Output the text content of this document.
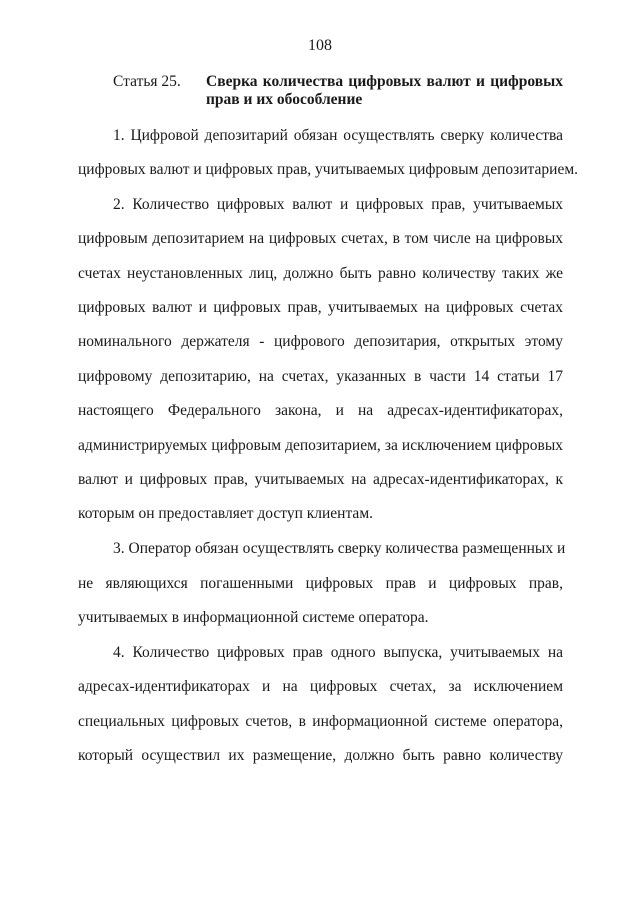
108
Статья 25. Сверка количества цифровых валют и цифровых прав и их обособление
1. Цифровой депозитарий обязан осуществлять сверку количества
цифровых валют и цифровых прав, учитываемых цифровым депозитарием.
2. Количество цифровых валют и цифровых прав, учитываемых
цифровым депозитарием на цифровых счетах, в том числе на цифровых
счетах неустановленных лиц, должно быть равно количеству таких же
цифровых валют и цифровых прав, учитываемых на цифровых счетах
номинального держателя - цифрового депозитария, открытых этому
цифровому депозитарию, на счетах, указанных в части 14 статьи 17
настоящего Федерального закона, и на адресах-идентификаторах,
администрируемых цифровым депозитарием, за исключением цифровых
валют и цифровых прав, учитываемых на адресах-идентификаторах, к
которым он предоставляет доступ клиентам.
3. Оператор обязан осуществлять сверку количества размещенных и
не являющихся погашенными цифровых прав и цифровых прав,
учитываемых в информационной системе оператора.
4. Количество цифровых прав одного выпуска, учитываемых на
адресах-идентификаторах и на цифровых счетах, за исключением
специальных цифровых счетов, в информационной системе оператора,
который осуществил их размещение, должно быть равно количеству
